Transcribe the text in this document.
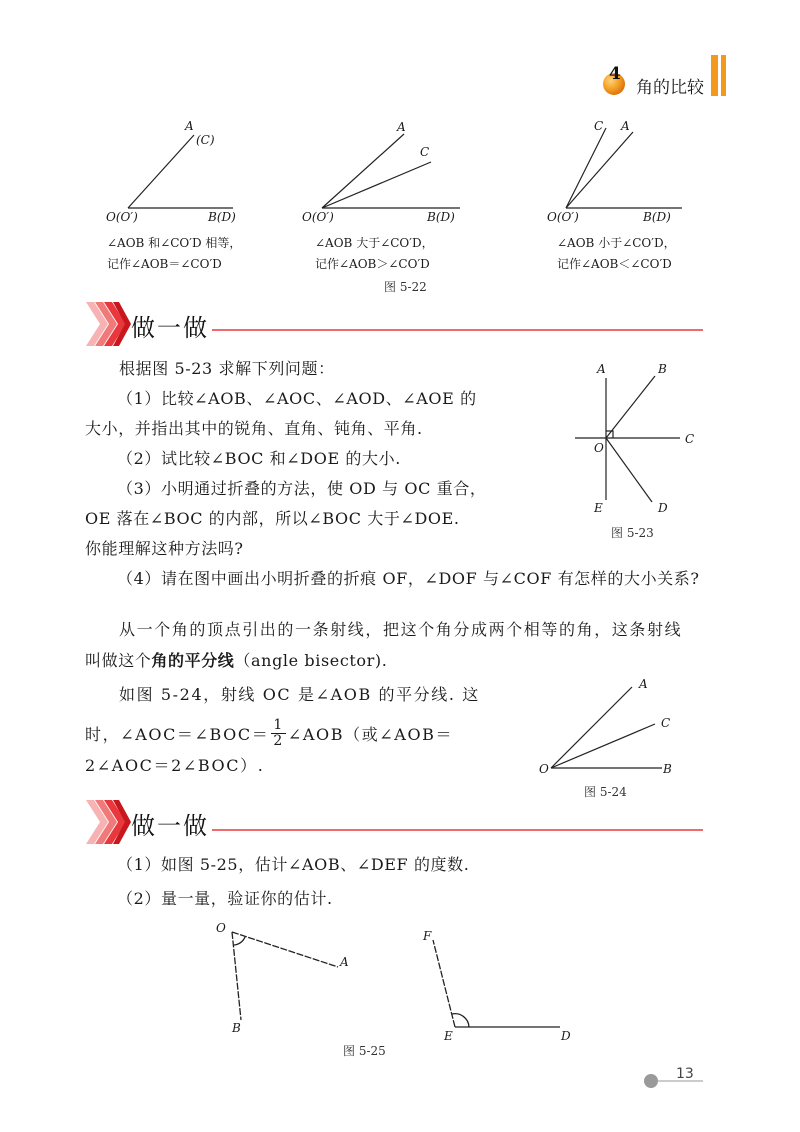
4
A
(C)
O(O′)	B(D)
A
C
O(O′)	B(D)
C A
O(O′)	B(D)
A	B
C
O
E	D
A
C
O	B
O
A
B
F
E	D
角的比较
∠AOB 和∠CO′D 相等，
记作∠AOB＝∠CO′D
∠AOB 大于∠CO′D，
记作∠AOB＞∠CO′D
∠AOB 小于∠CO′D，
记作∠AOB＜∠CO′D
图 5-22
做一做
根据图 5-23 求解下列问题：
（1）比较∠AOB、∠AOC、∠AOD、∠AOE 的
大小，并指出其中的锐角、直角、钝角、平角.
（2）试比较∠BOC 和∠DOE 的大小.
（3）小明通过折叠的方法，使 OD 与 OC 重合，
OE 落在∠BOC 的内部，所以∠BOC 大于∠DOE.
你能理解这种方法吗?
（4）请在图中画出小明折叠的折痕 OF，∠DOF 与∠COF 有怎样的大小关系?
图 5-23
从一个角的顶点引出的一条射线，把这个角分成两个相等的角，这条射线
叫做这个角的平分线（angle bisector).
如图 5-24，射线 OC 是∠AOB 的平分线. 这
时，∠AOC＝∠BOC＝ $\frac{1}{2}$ ∠AOB（或∠AOB＝
2∠AOC＝2∠BOC）.
图 5-24
做一做
（1）如图 5-25，估计∠AOB、∠DEF 的度数.
（2）量一量，验证你的估计.
图 5-25
13
